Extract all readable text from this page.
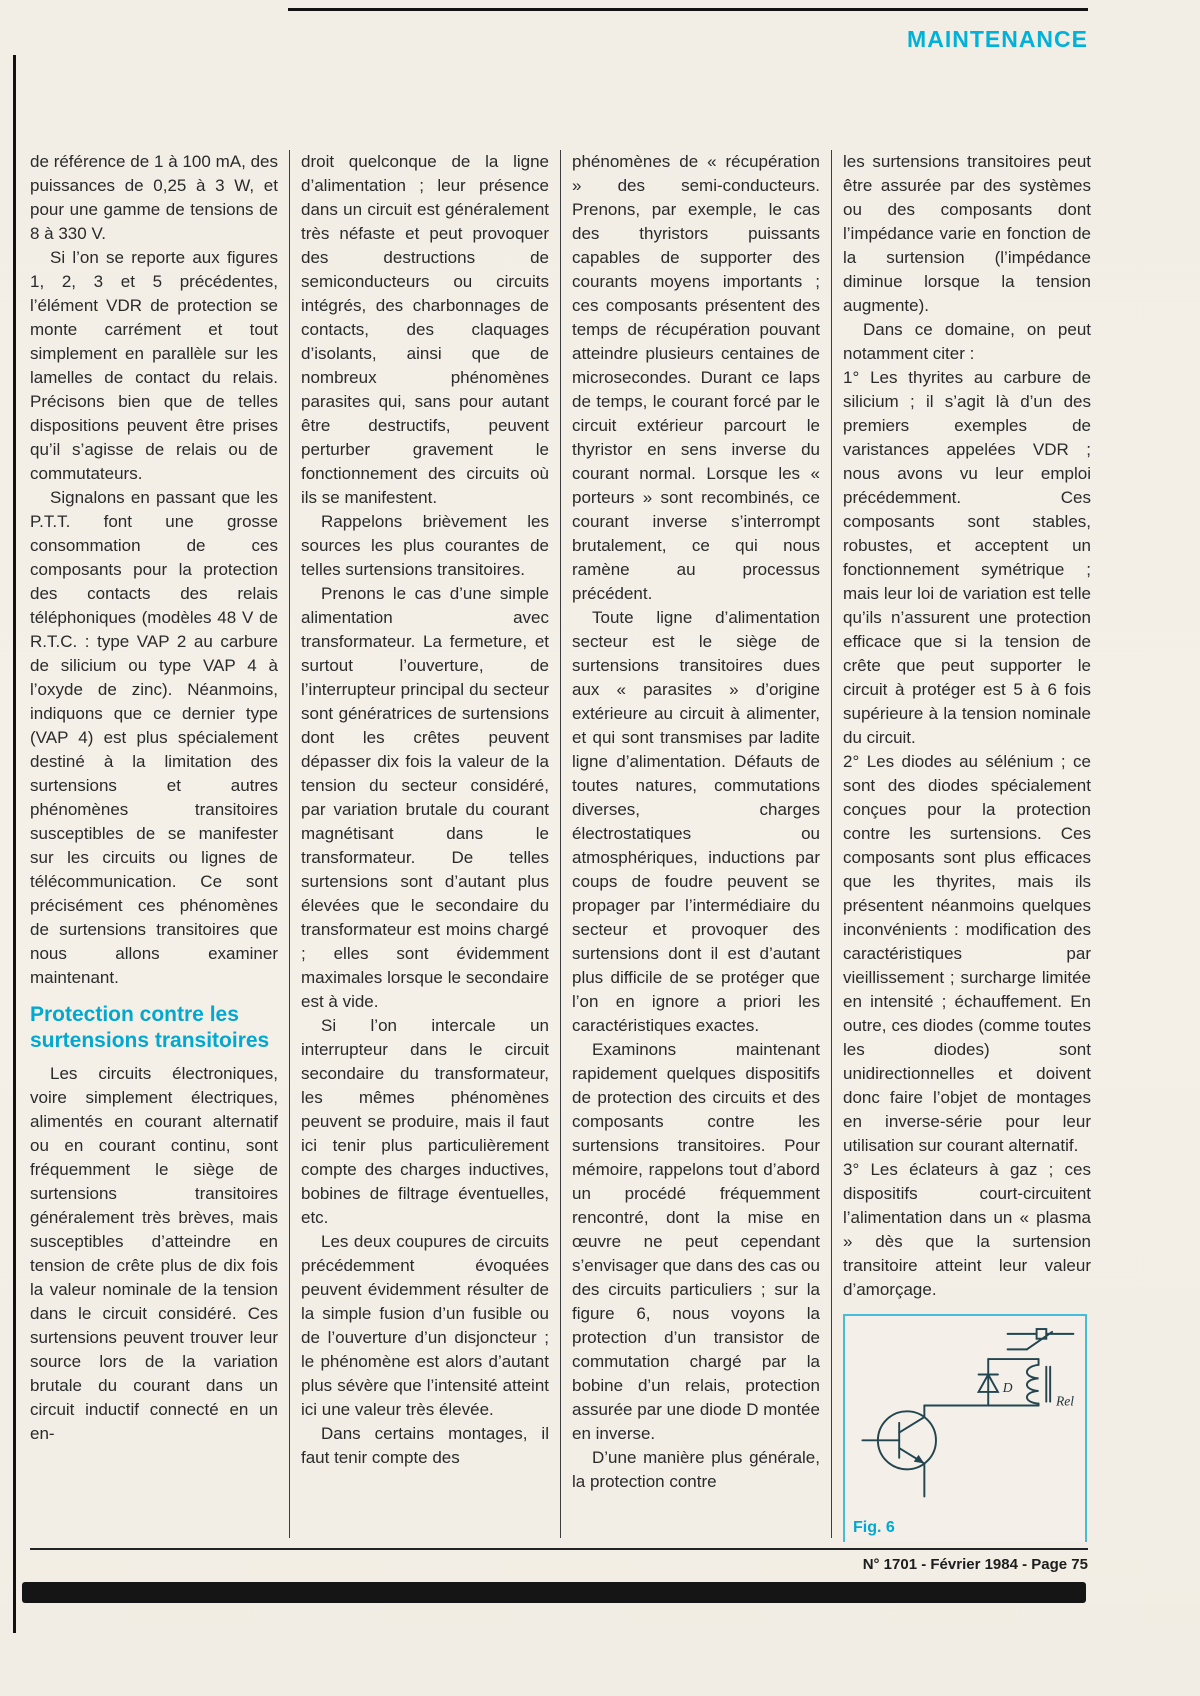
MAINTENANCE

de référence de 1 à 100 mA, des puissances de 0,25 à 3 W, et pour une gamme de tensions de 8 à 330 V.

Si l’on se reporte aux figures 1, 2, 3 et 5 précédentes, l’élément VDR de protection se monte carrément et tout simplement en parallèle sur les lamelles de contact du relais. Précisons bien que de telles dispositions peuvent être prises qu’il s’agisse de relais ou de commutateurs.

Signalons en passant que les P.T.T. font une grosse consommation de ces composants pour la protection des contacts des relais téléphoniques (modèles 48 V de R.T.C. : type VAP 2 au carbure de silicium ou type VAP 4 à l’oxyde de zinc). Néanmoins, indiquons que ce dernier type (VAP 4) est plus spécialement destiné à la limitation des surtensions et autres phénomènes transitoires susceptibles de se manifester sur les circuits ou lignes de télécommunication. Ce sont précisément ces phénomènes de surtensions transitoires que nous allons examiner maintenant.

Protection contre les surtensions transitoires

Les circuits électroniques, voire simplement électriques, alimentés en courant alternatif ou en courant continu, sont fréquemment le siège de surtensions transitoires généralement très brèves, mais susceptibles d’atteindre en tension de crête plus de dix fois la valeur nominale de la tension dans le circuit considéré. Ces surtensions peuvent trouver leur source lors de la variation brutale du courant dans un circuit inductif connecté en un en-

droit quelconque de la ligne d’alimentation ; leur présence dans un circuit est généralement très néfaste et peut provoquer des destructions de semiconducteurs ou circuits intégrés, des charbonnages de contacts, des claquages d’isolants, ainsi que de nombreux phénomènes parasites qui, sans pour autant être destructifs, peuvent perturber gravement le fonctionnement des circuits où ils se manifestent.

Rappelons brièvement les sources les plus courantes de telles surtensions transitoires.

Prenons le cas d’une simple alimentation avec transformateur. La fermeture, et surtout l’ouverture, de l’interrupteur principal du secteur sont génératrices de surtensions dont les crêtes peuvent dépasser dix fois la valeur de la tension du secteur considéré, par variation brutale du courant magnétisant dans le transformateur. De telles surtensions sont d’autant plus élevées que le secondaire du transformateur est moins chargé ; elles sont évidemment maximales lorsque le secondaire est à vide.

Si l’on intercale un interrupteur dans le circuit secondaire du transformateur, les mêmes phénomènes peuvent se produire, mais il faut ici tenir plus particulièrement compte des charges inductives, bobines de filtrage éventuelles, etc.

Les deux coupures de circuits précédemment évoquées peuvent évidemment résulter de la simple fusion d’un fusible ou de l’ouverture d’un disjoncteur ; le phénomène est alors d’autant plus sévère que l’intensité atteint ici une valeur très élevée.

Dans certains montages, il faut tenir compte des

phénomènes de « récupération » des semi-conducteurs. Prenons, par exemple, le cas des thyristors puissants capables de supporter des courants moyens importants ; ces composants présentent des temps de récupération pouvant atteindre plusieurs centaines de microsecondes. Durant ce laps de temps, le courant forcé par le circuit extérieur parcourt le thyristor en sens inverse du courant normal. Lorsque les « porteurs » sont recombinés, ce courant inverse s’interrompt brutalement, ce qui nous ramène au processus précédent.

Toute ligne d’alimentation secteur est le siège de surtensions transitoires dues aux « parasites » d’origine extérieure au circuit à alimenter, et qui sont transmises par ladite ligne d’alimentation. Défauts de toutes natures, commutations diverses, charges électrostatiques ou atmosphériques, inductions par coups de foudre peuvent se propager par l’intermédiaire du secteur et provoquer des surtensions dont il est d’autant plus difficile de se protéger que l’on en ignore a priori les caractéristiques exactes.

Examinons maintenant rapidement quelques dispositifs de protection des circuits et des composants contre les surtensions transitoires. Pour mémoire, rappelons tout d’abord un procédé fréquemment rencontré, dont la mise en œuvre ne peut cependant s’envisager que dans des cas ou des circuits particuliers ; sur la figure 6, nous voyons la protection d’un transistor de commutation chargé par la bobine d’un relais, protection assurée par une diode D montée en inverse.

D’une manière plus générale, la protection contre

les surtensions transitoires peut être assurée par des systèmes ou des composants dont l’impédance varie en fonction de la surtension (l’impédance diminue lorsque la tension augmente).

Dans ce domaine, on peut notamment citer :

1° Les thyrites au carbure de silicium ; il s’agit là d’un des premiers exemples de varistances appelées VDR ; nous avons vu leur emploi précédemment. Ces composants sont stables, robustes, et acceptent un fonctionnement symétrique ; mais leur loi de variation est telle qu’ils n’assurent une protection efficace que si la tension de crête que peut supporter le circuit à protéger est 5 à 6 fois supérieure à la tension nominale du circuit.

2° Les diodes au sélénium ; ce sont des diodes spécialement conçues pour la protection contre les surtensions. Ces composants sont plus efficaces que les thyrites, mais ils présentent néanmoins quelques inconvénients : modification des caractéristiques par vieillissement ; surcharge limitée en intensité ; échauffement. En outre, ces diodes (comme toutes les diodes) sont unidirectionnelles et doivent donc faire l’objet de montages en inverse-série pour leur utilisation sur courant alternatif.

3° Les éclateurs à gaz ; ces dispositifs court-circuitent l’alimentation dans un « plasma » dès que la surtension transitoire atteint leur valeur d’amorçage.

D
Rel
Fig. 6
N° 1701 - Février 1984 - Page 75
